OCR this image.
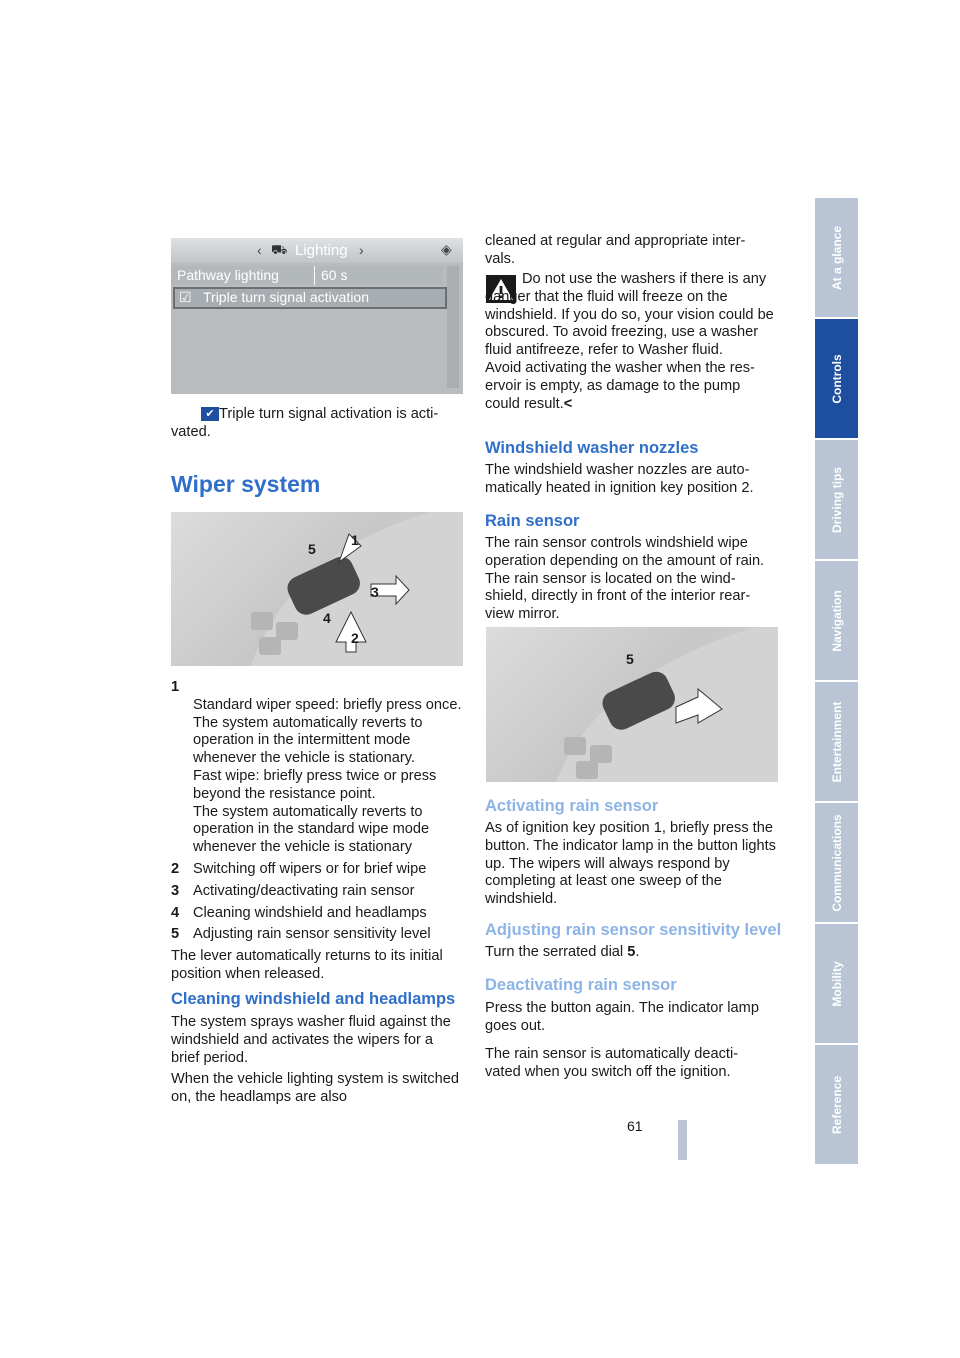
At a glance
Controls
Driving tips
Navigation
Entertainment
Communications
Mobility
Reference
‹ ⛟ Lighting ›	◈
Pathway lighting	60 s
☑ Triple turn signal activation

✔ Triple turn signal activation is acti- vated.

Wiper system
5
1
3
4
2

1
Standard wiper speed: briefly press once.
The system automatically reverts to operation in the intermittent mode whenever the vehicle is stationary.
Fast wipe: briefly press twice or press beyond the resistance point.
The system automatically reverts to operation in the standard wipe mode whenever the vehicle is stationary

2 Switching off wipers or for brief wipe
3 Activating/deactivating rain sensor
4 Cleaning windshield and headlamps
5 Adjusting rain sensor sensitivity level

The lever automatically returns to its initial position when released.

Cleaning windshield and headlamps

The system sprays washer fluid against the windshield and activates the wipers for a brief period.

When the vehicle lighting system is switched on, the headlamps are also

cleaned at regular and appropriate inter- vals.

Do not use the washers if there is any danger that the fluid will freeze on the windshield. If you do so, your vision could be obscured. To avoid freezing, use a washer fluid antifreeze, refer to Washer fluid.
Avoid activating the washer when the res- ervoir is empty, as damage to the pump could result.<

Windshield washer nozzles

The windshield washer nozzles are auto- matically heated in ignition key position 2.

Rain sensor

The rain sensor controls windshield wipe operation depending on the amount of rain. The rain sensor is located on the wind- shield, directly in front of the interior rear- view mirror.

5
Activating rain sensor

As of ignition key position 1, briefly press the button. The indicator lamp in the button lights up. The wipers will always respond by completing at least one sweep of the windshield.

Adjusting rain sensor sensitivity level

Turn the serrated dial 5.

Deactivating rain sensor

Press the button again. The indicator lamp goes out.

The rain sensor is automatically deacti- vated when you switch off the ignition.

61
